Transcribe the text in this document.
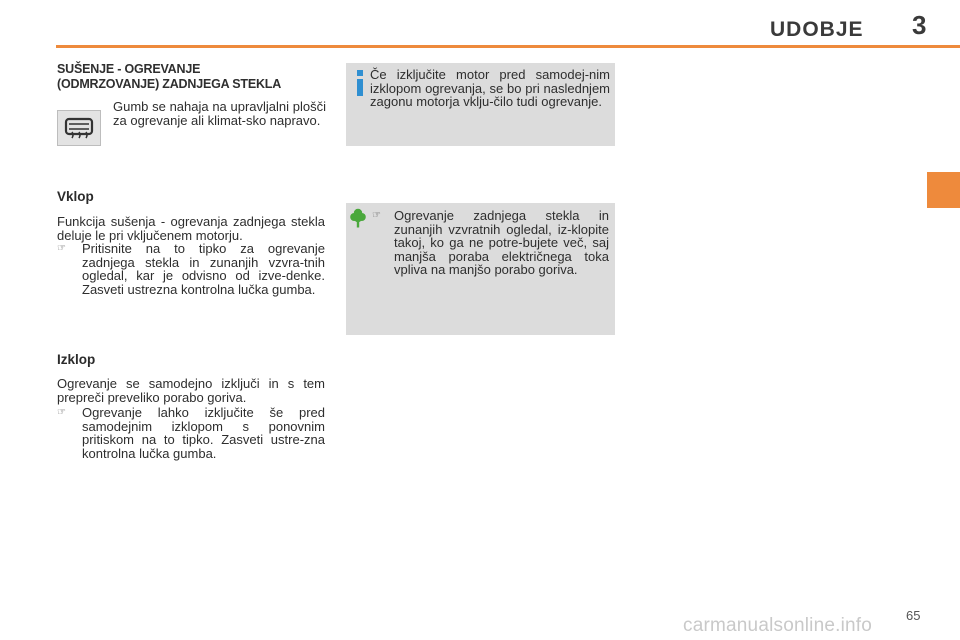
UDOBJE 3
SUŠENJE - OGREVANJE
(ODMRZOVANJE) ZADNJEGA STEKLA
Gumb se nahaja na upravljalni plošči za ogrevanje ali klimat-sko napravo.
Vklop
Funkcija sušenja - ogrevanja zadnjega stekla deluje le pri vključenem motorju.
☞ Pritisnite na to tipko za ogrevanje zadnjega stekla in zunanjih vzvra-tnih ogledal, kar je odvisno od izve-denke. Zasveti ustrezna kontrolna lučka gumba.
Izklop
Ogrevanje se samodejno izključi in s tem prepreči preveliko porabo goriva.
☞ Ogrevanje lahko izključite še pred samodejnim izklopom s ponovnim pritiskom na to tipko. Zasveti ustre-zna kontrolna lučka gumba.
Če izključite motor pred samodej-nim izklopom ogrevanja, se bo pri naslednjem zagonu motorja vklju-čilo tudi ogrevanje.
☞ Ogrevanje zadnjega stekla in zunanjih vzvratnih ogledal, iz-klopite takoj, ko ga ne potre-bujete več, saj manjša poraba električnega toka vpliva na manjšo porabo goriva.
65
carmanualsonline.info
